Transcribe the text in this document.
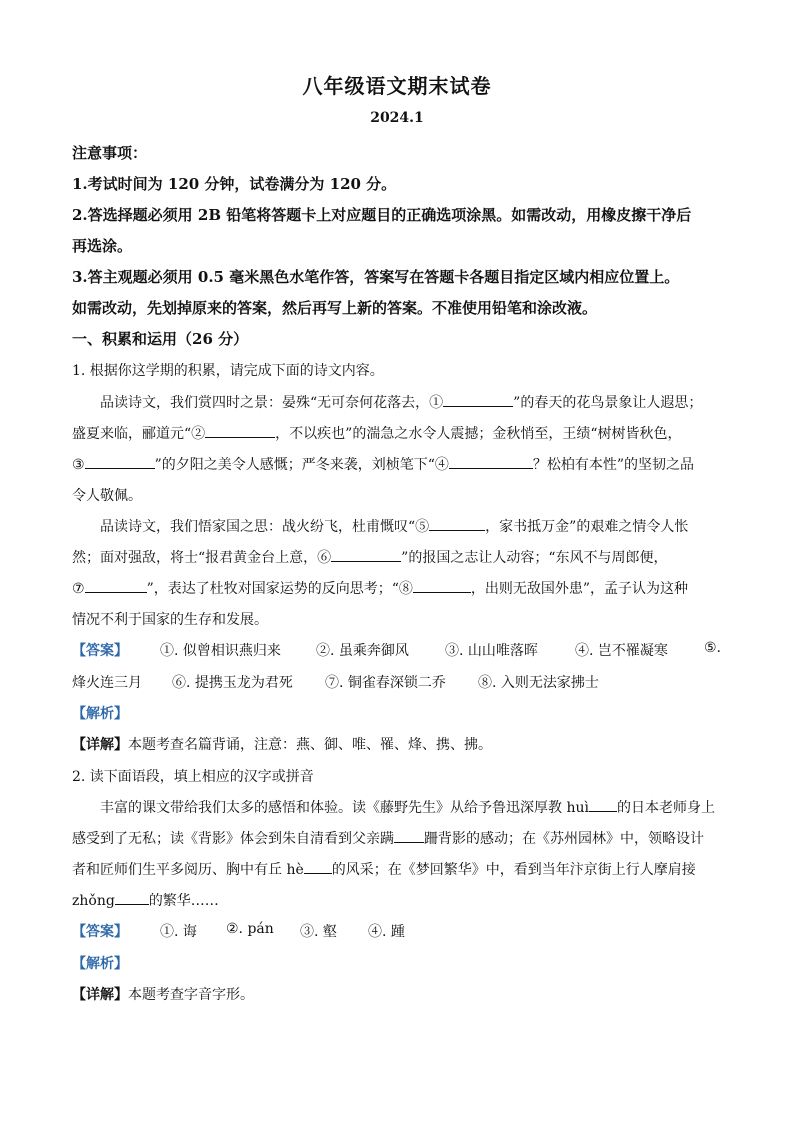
八年级语文期末试卷
2024.1
注意事项：
1.考试时间为 120 分钟，试卷满分为 120 分。
2.答选择题必须用 2B 铅笔将答题卡上对应题目的正确选项涂黑。如需改动，用橡皮擦干净后
再选涂。
3.答主观题必须用 0.5 毫米黑色水笔作答，答案写在答题卡各题目指定区域内相应位置上。
如需改动，先划掉原来的答案，然后再写上新的答案。不准使用铅笔和涂改液。
一、积累和运用（26 分）
1. 根据你这学期的积累，请完成下面的诗文内容。
品读诗文，我们赏四时之景：晏殊“无可奈何花落去，①	”的春天的花鸟景象让人遐思；
盛夏来临，郦道元“②	，不以疾也”的湍急之水令人震撼；金秋悄至，王绩“树树皆秋色，
③	”的夕阳之美令人感慨；严冬来袭，刘桢笔下“④	？松柏有本性”的坚韧之品
令人敬佩。
品读诗文，我们悟家国之思：战火纷飞，杜甫慨叹“⑤	，家书抵万金”的艰难之情令人怅
然；面对强敌，将士“报君黄金台上意，⑥	”的报国之志让人动容；“东风不与周郎便，
⑦	”，表达了杜牧对国家运势的反向思考；“⑧	，出则无敌国外患”，孟子认为这种
情况不利于国家的生存和发展。
【答案】 ①. 似曾相识燕归来	②. 虽乘奔御风	③. 山山唯落晖	④. 岂不罹凝寒	⑤.
烽火连三月 ⑥. 提携玉龙为君死 ⑦. 铜雀春深锁二乔 ⑧. 入则无法家拂士
【解析】
【详解】本题考查名篇背诵，注意：燕、御、唯、罹、烽、携、拂。
2. 读下面语段，填上相应的汉字或拼音
丰富的课文带给我们太多的感悟和体验。读《藤野先生》从给予鲁迅深厚教 huì 的日本老师身上
感受到了无私；读《背影》体会到朱自清看到父亲蹒 跚背影的感动；在《苏州园林》中，领略设计
者和匠师们生平多阅历、胸中有丘 hè 的风采；在《梦回繁华》中，看到当年汴京街上行人摩肩接
zhǒng 的繁华……
【答案】 ①. 诲 ②. pán ③. 壑 ④. 踵
【解析】
【详解】本题考查字音字形。
